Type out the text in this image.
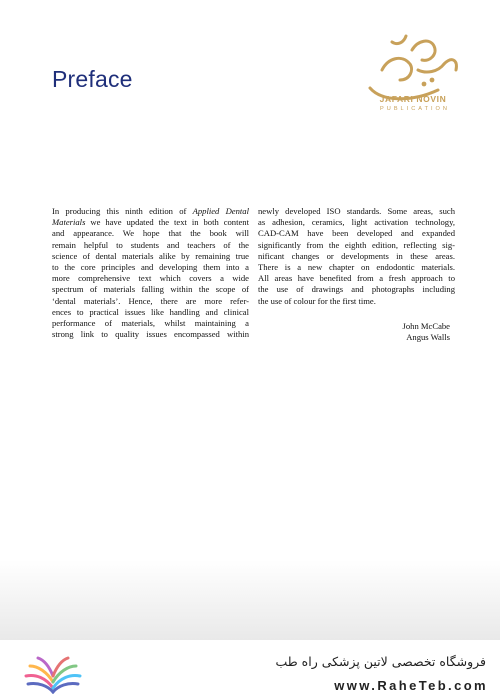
Preface
JAFARI NOVIN
PUBLICATION
In producing this ninth edition of Applied Dental
Materials we have updated the text in both content
and appearance. We hope that the book will
remain helpful to students and teachers of the
science of dental materials alike by remaining true
to the core principles and developing them into a
more comprehensive text which covers a wide
spectrum of materials falling within the scope of
‘dental materials’. Hence, there are more refer-
ences to practical issues like handling and clinical
performance of materials, whilst maintaining a
strong link to quality issues encompassed within
newly developed ISO standards. Some areas, such
as adhesion, ceramics, light activation technology,
CAD-CAM have been developed and expanded
significantly from the eighth edition, reflecting sig-
nificant changes or developments in these areas.
There is a new chapter on endodontic materials.
All areas have benefited from a fresh approach to
the use of drawings and photographs including
the use of colour for the first time.
John McCabe
Angus Walls
فروشگاه تخصصی لاتین پزشکی راه طب
www.RaheTeb.com
